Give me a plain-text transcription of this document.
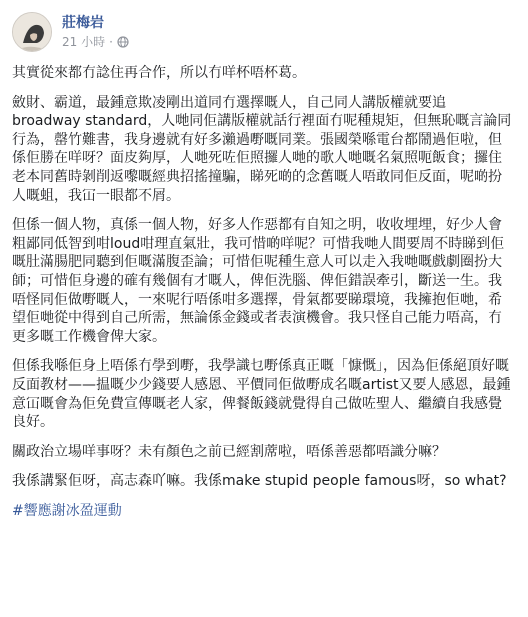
莊梅岩
21 小時 ·

其實從來都冇諗住再合作，所以冇咩杯唔杯葛。

斂財、霸道，最鍾意欺凌剛出道同冇選擇嘅人，自己同人講版權就要追broadway standard，人哋同佢講版權就話行裡面冇呢種規矩，但無恥嘅言論同行為，罄竹難書，我身邊就有好多瀨過嘢嘅同業。張國榮喺電台都鬧過佢啦，但係佢勝在咩呀？面皮夠厚，人哋死咗佢照攞人哋的歌人哋嘅名氣照呃飯食；攞住老本同舊時剝削返嚟嘅經典招搖撞騙，睇死啲的念舊嘅人唔敢同佢反面，呢啲扮人嘅蛆，我冚一眼都不屑。

但係一個人物，真係一個人物，好多人作惡都有自知之明，收收埋埋，好少人會粗鄙同低智到咁loud咁理直氣壯，我可惜啲咩呢？可惜我哋人間要周不時睇到佢嘅肚滿腸肥同聽到佢嘅滿腹歪論；可惜佢呢種生意人可以走入我哋嘅戲劇圈扮大師；可惜佢身邊的確有幾個有才嘅人，俾佢洗腦、俾佢錯誤牽引，斷送一生。我唔怪同佢做嘢嘅人，一來呢行唔係咁多選擇，骨氣都要睇環境，我擁抱佢哋，希望佢哋從中得到自己所需，無論係金錢或者表演機會。我只怪自己能力唔高，冇更多嘅工作機會俾大家。

但係我喺佢身上唔係冇學到嘢，我學識乜嘢係真正嘅「慷慨」，因為佢係絕頂好嘅反面教材——揾嘅少少錢要人感恩、平價同佢做嘢成名嘅artist又要人感恩，最鍾意冚嘅會為佢免費宣傳嘅老人家，俾餐飯錢就覺得自己做咗聖人、繼續自我感覺良好。

關政治立場咩事呀？未有顏色之前已經割蓆啦，唔係善惡都唔識分嘛？

我係講緊佢呀，高志森吖嘛。我係make stupid people famous呀，so what?

#響應謝冰盈運動
